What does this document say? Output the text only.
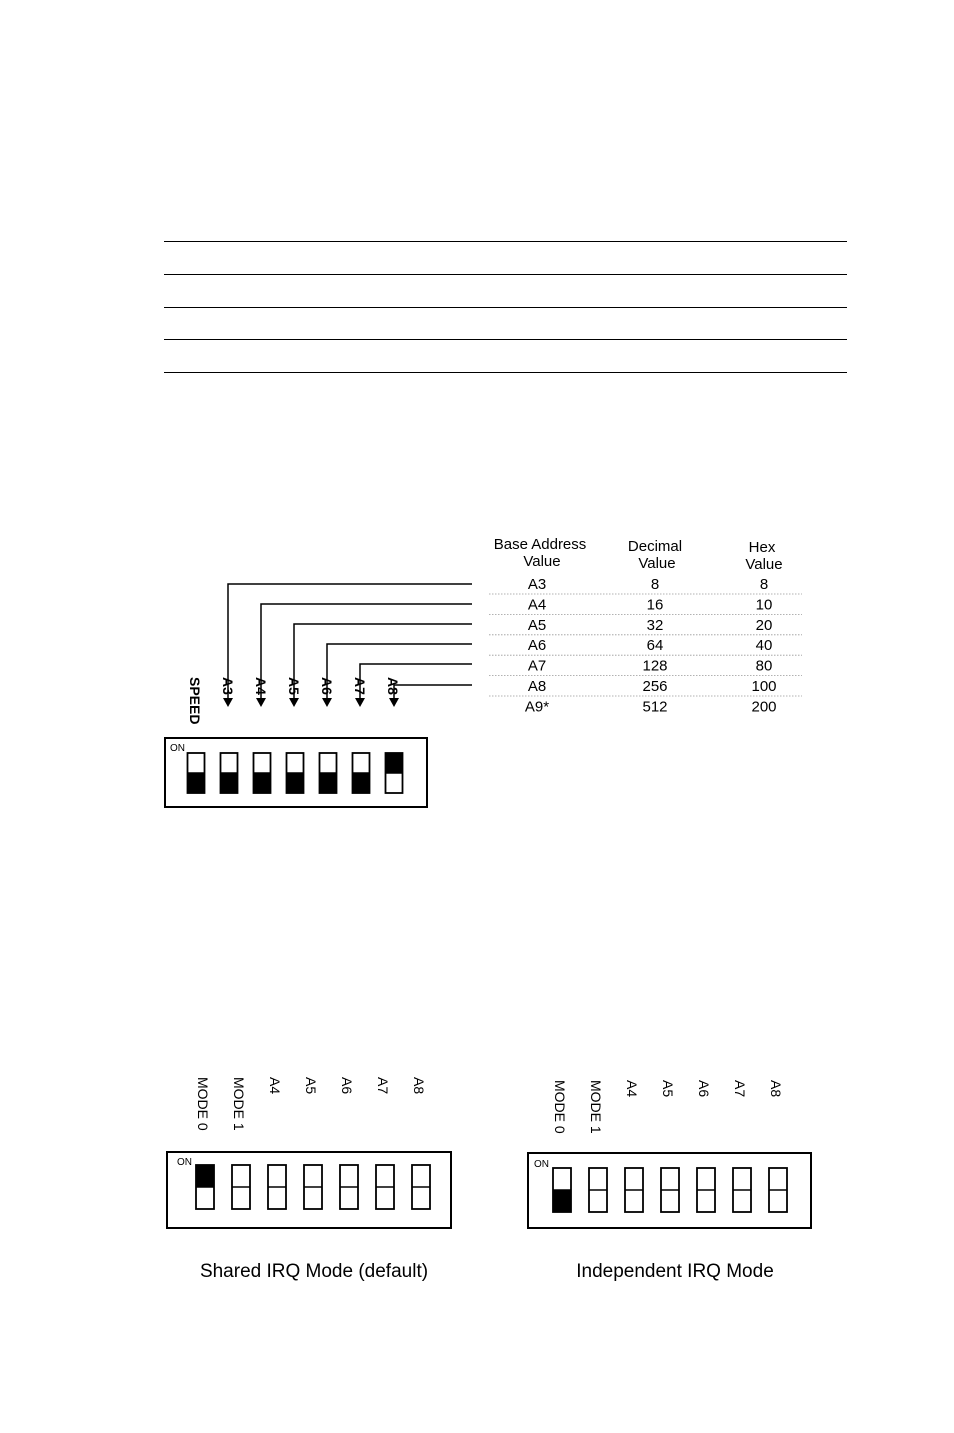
Base Address
Value
Decimal
Value
Hex
Value
A3	8	8
A4	16	10
A5	32	20
A6	64	40
A7	128	80
A8	256	100
A9*	512	200
ON
SPEED A3 A4 A5 A6 A7 A8
ON
MODE 0 MODE 1 A4 A5 A6 A7 A8
Shared IRQ Mode (default)
ON
MODE 0 MODE 1 A4 A5 A6 A7 A8
Independent IRQ Mode
